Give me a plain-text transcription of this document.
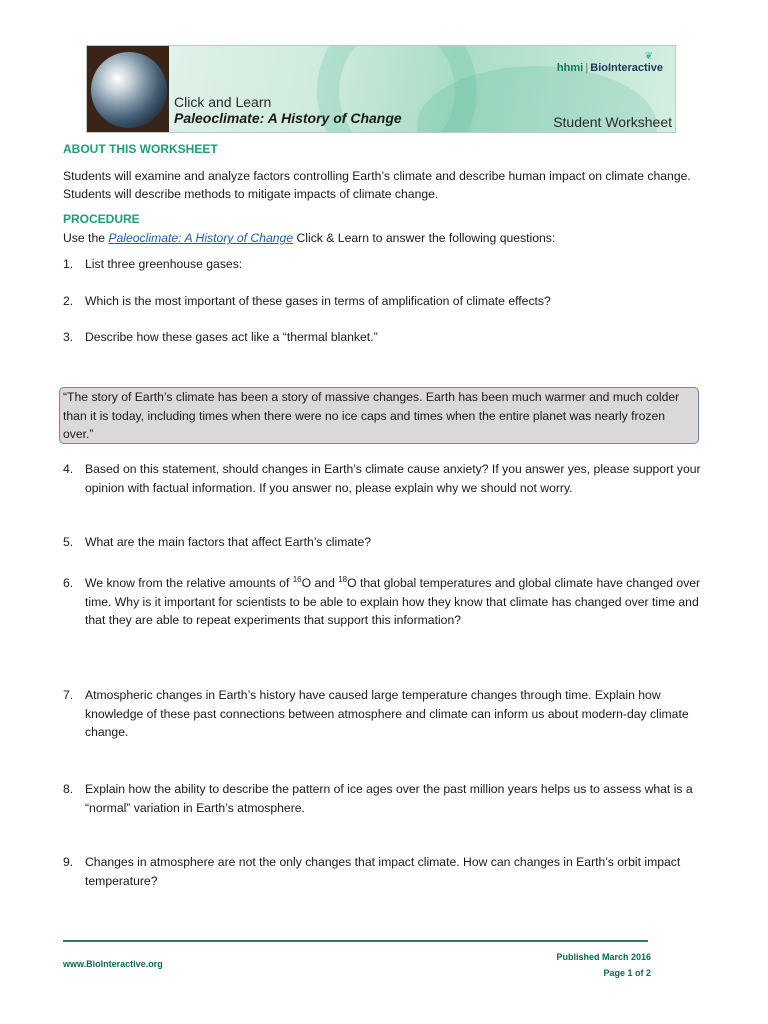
Click and Learn
Paleoclimate: A History of Change
❦
hhmi | BioInteractive
Student Worksheet
ABOUT THIS WORKSHEET
Students will examine and analyze factors controlling Earth’s climate and describe human impact on climate change.
Students will describe methods to mitigate impacts of climate change.
PROCEDURE
Use the Paleoclimate: A History of Change Click & Learn to answer the following questions:
1. List three greenhouse gases:
2. Which is the most important of these gases in terms of amplification of climate effects?
3. Describe how these gases act like a “thermal blanket.”
“The story of Earth’s climate has been a story of massive changes. Earth has been much warmer and much colder than it is today, including times when there were no ice caps and times when the entire planet was nearly frozen over.”
4. Based on this statement, should changes in Earth’s climate cause anxiety? If you answer yes, please support your opinion with factual information. If you answer no, please explain why we should not worry.
5. What are the main factors that affect Earth’s climate?
6. We know from the relative amounts of $^{16}$O and $^{18}$O that global temperatures and global climate have changed over time. Why is it important for scientists to be able to explain how they know that climate has changed over time and that they are able to repeat experiments that support this information?
7. Atmospheric changes in Earth’s history have caused large temperature changes through time. Explain how knowledge of these past connections between atmosphere and climate can inform us about modern-day climate change.
8. Explain how the ability to describe the pattern of ice ages over the past million years helps us to assess what is a “normal” variation in Earth’s atmosphere.
9. Changes in atmosphere are not the only changes that impact climate. How can changes in Earth’s orbit impact temperature?
www.BioInteractive.org
Published March 2016
Page 1 of 2
